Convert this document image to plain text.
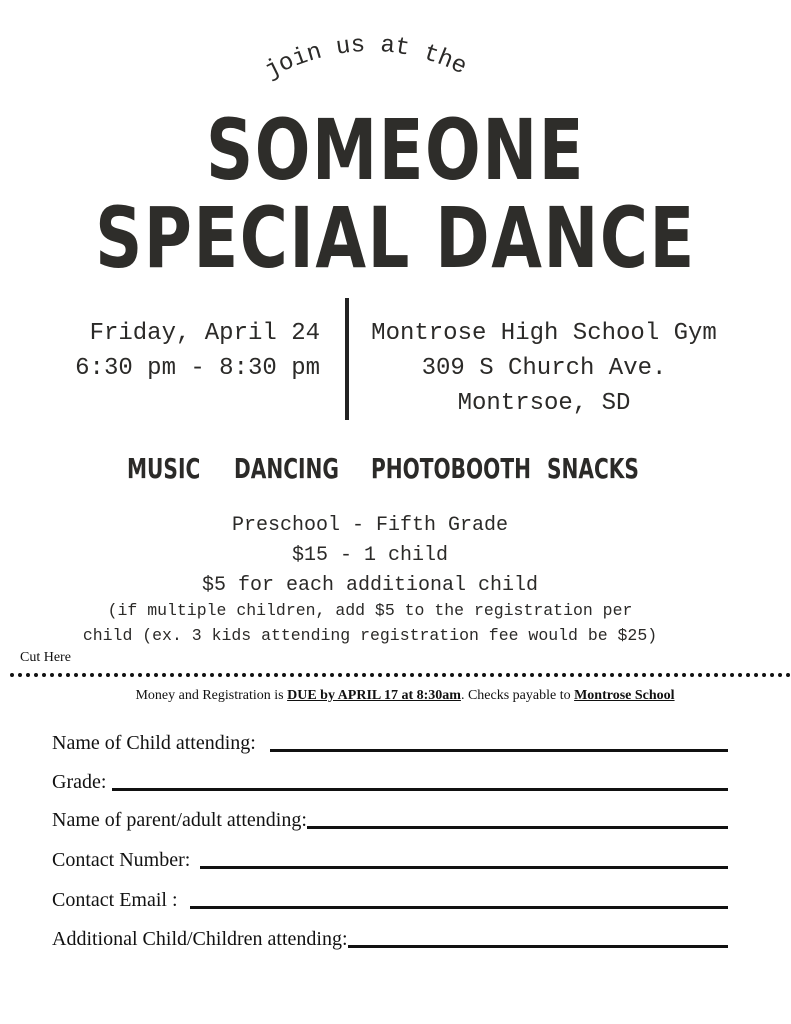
join us at the
SOMEONE
SPECIAL DANCE
Friday, April 24
6:30 pm - 8:30 pm
Montrose High School Gym
309 S Church Ave.
Montrsoe, SD
MUSIC DANCING PHOTOBOOTH SNACKS
Preschool - Fifth Grade
$15 - 1 child
$5 for each additional child
(if multiple children, add $5 to the registration per
child (ex. 3 kids attending registration fee would be $25)
Cut Here
Money and Registration is DUE by APRIL 17 at 8:30am. Checks payable to Montrose School
Name of Child attending:
Grade:
Name of parent/adult attending:
Contact Number:
Contact Email :
Additional Child/Children attending:
